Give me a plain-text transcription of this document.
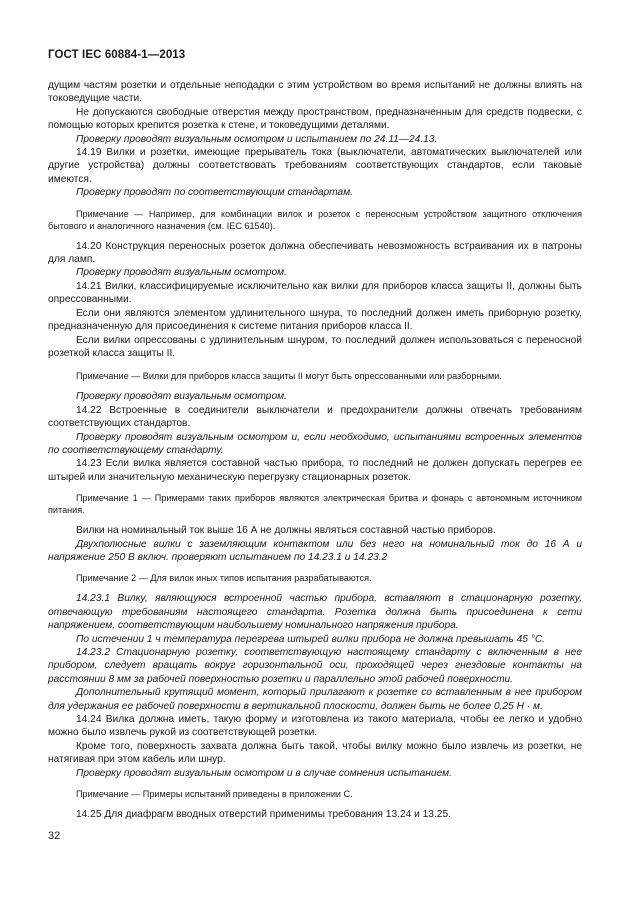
ГОСТ IEC 60884-1—2013

дущим частям розетки и отдельные неподадки с этим устройством во время испытаний не должны влиять на токоведущие части.

Не допускаются свободные отверстия между пространством, предназначенным для средств подвески, с помощью которых крепится розетка к стене, и токоведущими деталями.

Проверку проводят визуальным осмотром и испытанием по 24.11—24.13.

14.19 Вилки и розетки, имеющие прерыватель тока (выключатели, автоматических выключателей или другие устройства) должны соответствовать требованиям соответствующих стандартов, если таковые имеются.

Проверку проводят по соответствующим стандартам.

Примечание — Например, для комбинации вилок и розеток с переносным устройством защитного отключения бытового и аналогичного назначения (см. IEC 61540).

14.20 Конструкция переносных розеток должна обеспечивать невозможность встраивания их в патроны для ламп.

Проверку проводят визуальным осмотром.

14.21 Вилки, классифицируемые исключительно как вилки для приборов класса защиты II, должны быть опрессованными.

Если они являются элементом удлинительного шнура, то последний должен иметь приборную розетку, предназначенную для присоединения к системе питания приборов класса II.

Если вилки опрессованы с удлинительным шнуром, то последний должен использоваться с переносной розеткой класса защиты II.

Примечание — Вилки для приборов класса защиты II могут быть опрессованными или разборными.

Проверку проводят визуальным осмотром.

14.22 Встроенные в соединители выключатели и предохранители должны отвечать требованиям соответствующих стандартов.

Проверку проводят визуальным осмотром и, если необходимо, испытаниями встроенных элементов по соответствующему стандарту.

14.23 Если вилка является составной частью прибора, то последний не должен допускать перегрев ее штырей или значительную механическую перегрузку стационарных розеток.

Примечание 1 — Примерами таких приборов являются электрическая бритва и фонарь с автономным источником питания.

Вилки на номинальный ток выше 16 А не должны являться составной частью приборов.

Двухполюсные вилки с заземляющим контактом или без него на номинальный ток до 16 А и напряжение 250 В включ. проверяют испытанием по 14.23.1 и 14.23.2

Примечание 2 — Для вилок иных типов испытания разрабатываются.

14.23.1 Вилку, являющуюся встроенной частью прибора, вставляют в стационарную розетку, отвечающую требованиям настоящего стандарта. Розетка должна быть присоединена к сети напряжением, соответствующим наибольшему номинального напряжения прибора.

По истечении 1 ч температура перегрева штырей вилки прибора не должна превышать 45 °С.

14.23.2 Стационарную розетку, соответствующую настоящему стандарту с включенным в нее прибором, следует вращать вокруг горизонтальной оси, проходящей через гнездовые контакты на расстоянии 8 мм за рабочей поверхностью розетки и параллельно этой рабочей поверхности.

Дополнительный крутящий момент, который прилагают к розетке со вставленным в нее прибором для удержания ее рабочей поверхности в вертикальной плоскости, должен быть не более 0,25 Н · м.

14.24 Вилка должна иметь, такую форму и изготовлена из такого материала, чтобы ее легко и удобно можно было извлечь рукой из соответствующей розетки.

Кроме того, поверхность захвата должна быть такой, чтобы вилку можно было извлечь из розетки, не натягивая при этом кабель или шнур.

Проверку проводят визуальным осмотром и в случае сомнения испытанием.

Примечание — Примеры испытаний приведены в приложении С.

14.25 Для диафрагм вводных отверстий применимы требования 13.24 и 13.25.

32
